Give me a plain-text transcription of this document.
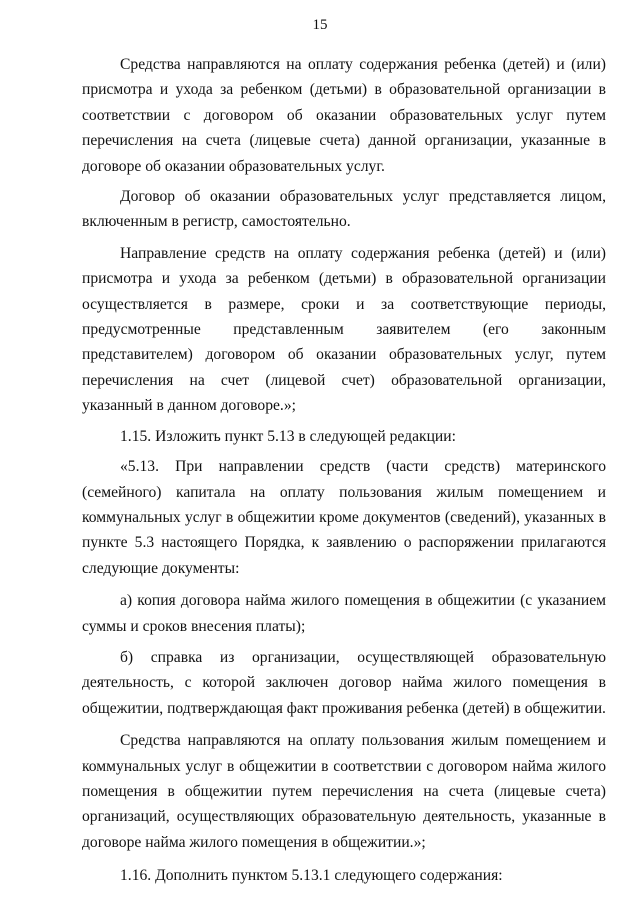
15

Средства направляются на оплату содержания ребенка (детей) и (или) присмотра и ухода за ребенком (детьми) в образовательной организации в соответствии с договором об оказании образовательных услуг путем перечисления на счета (лицевые счета) данной организации, указанные в договоре об оказании образовательных услуг.

Договор об оказании образовательных услуг представляется лицом, включенным в регистр, самостоятельно.

Направление средств на оплату содержания ребенка (детей) и (или) присмотра и ухода за ребенком (детьми) в образовательной организации осуществляется в размере, сроки и за соответствующие периоды, предусмотренные представленным заявителем (его законным представителем) договором об оказании образовательных услуг, путем перечисления на счет (лицевой счет) образовательной организации, указанный в данном договоре.»;

1.15. Изложить пункт 5.13 в следующей редакции:

«5.13. При направлении средств (части средств) материнского (семейного) капитала на оплату пользования жилым помещением и коммунальных услуг в общежитии кроме документов (сведений), указанных в пункте 5.3 настоящего Порядка, к заявлению о распоряжении прилагаются следующие документы:

а) копия договора найма жилого помещения в общежитии (с указанием суммы и сроков внесения платы);

б) справка из организации, осуществляющей образовательную деятельность, с которой заключен договор найма жилого помещения в общежитии, подтверждающая факт проживания ребенка (детей) в общежитии.

Средства направляются на оплату пользования жилым помещением и коммунальных услуг в общежитии в соответствии с договором найма жилого помещения в общежитии путем перечисления на счета (лицевые счета) организаций, осуществляющих образовательную деятельность, указанные в договоре найма жилого помещения в общежитии.»;

1.16. Дополнить пунктом 5.13.1 следующего содержания:
